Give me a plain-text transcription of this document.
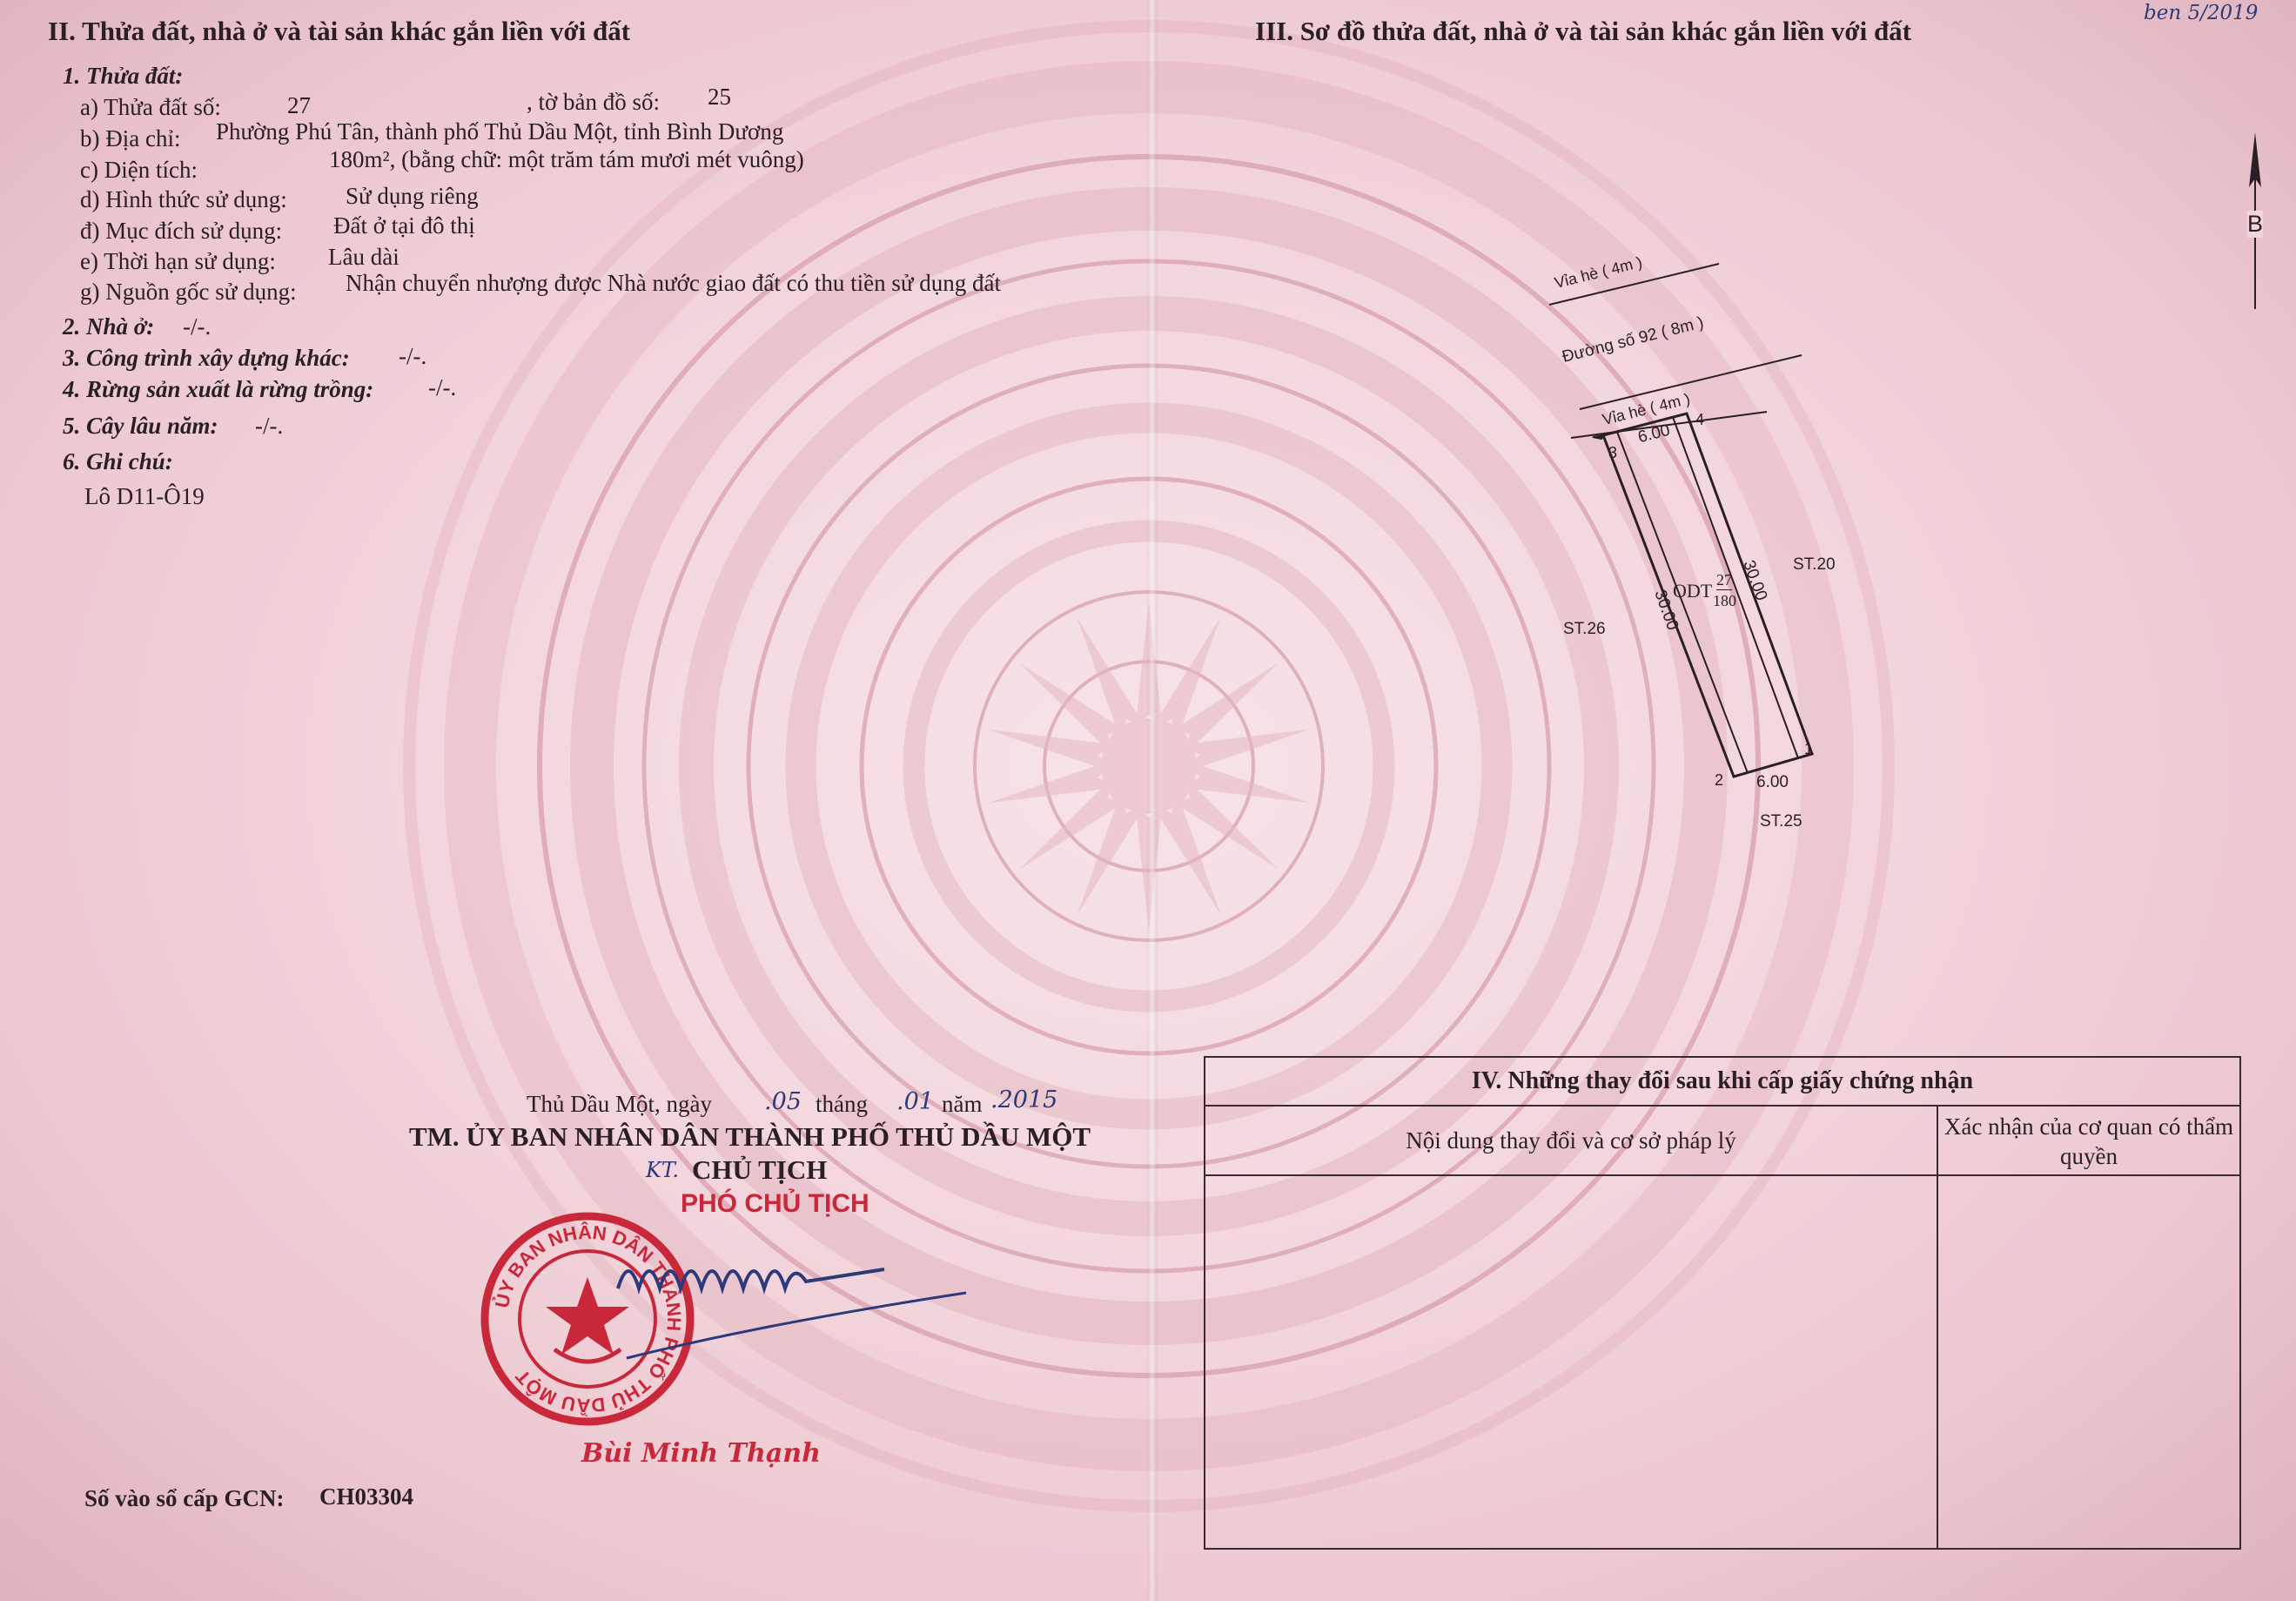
II. Thửa đất, nhà ở và tài sản khác gắn liền với đất
1. Thửa đất:
a) Thửa đất số:	27	, tờ bản đồ số: 25
b) Địa chỉ: Phường Phú Tân, thành phố Thủ Dầu Một, tỉnh Bình Dương
c) Diện tích:	180m², (bằng chữ: một trăm tám mươi mét vuông)
d) Hình thức sử dụng: Sử dụng riêng
đ) Mục đích sử dụng: Đất ở tại đô thị
e) Thời hạn sử dụng: Lâu dài
g) Nguồn gốc sử dụng: Nhận chuyển nhượng được Nhà nước giao đất có thu tiền sử dụng đất
2. Nhà ở: -/-.
3. Công trình xây dựng khác: -/-.
4. Rừng sản xuất là rừng trồng: -/-.
5. Cây lâu năm: -/-.
6. Ghi chú:
Lô D11-Ô19
Thủ Dầu Một, ngày .05 tháng .01 năm .2015
TM. ỦY BAN NHÂN DÂN THÀNH PHỐ THỦ DẦU MỘT
KT. CHỦ TỊCH
PHÓ CHỦ TỊCH
ỦY BAN NHÂN DÂN THÀNH PHỐ THỦ DẦU MỘT
Bùi Minh Thạnh
Số vào sổ cấp GCN: CH03304
III. Sơ đồ thửa đất, nhà ở và tài sản khác gắn liền với đất
ben 5/2019
B
Vỉa hè ( 4m )
Đường số 92 ( 8m )
Vỉa hè ( 4m )
3
4
6.00
30.00
30.00
ODT 27
180
ST.26
ST.20
1
2 6.00
ST.25
IV. Những thay đổi sau khi cấp giấy chứng nhận
Nội dung thay đổi và cơ sở pháp lý
Xác nhận của cơ quan có thẩm quyền
